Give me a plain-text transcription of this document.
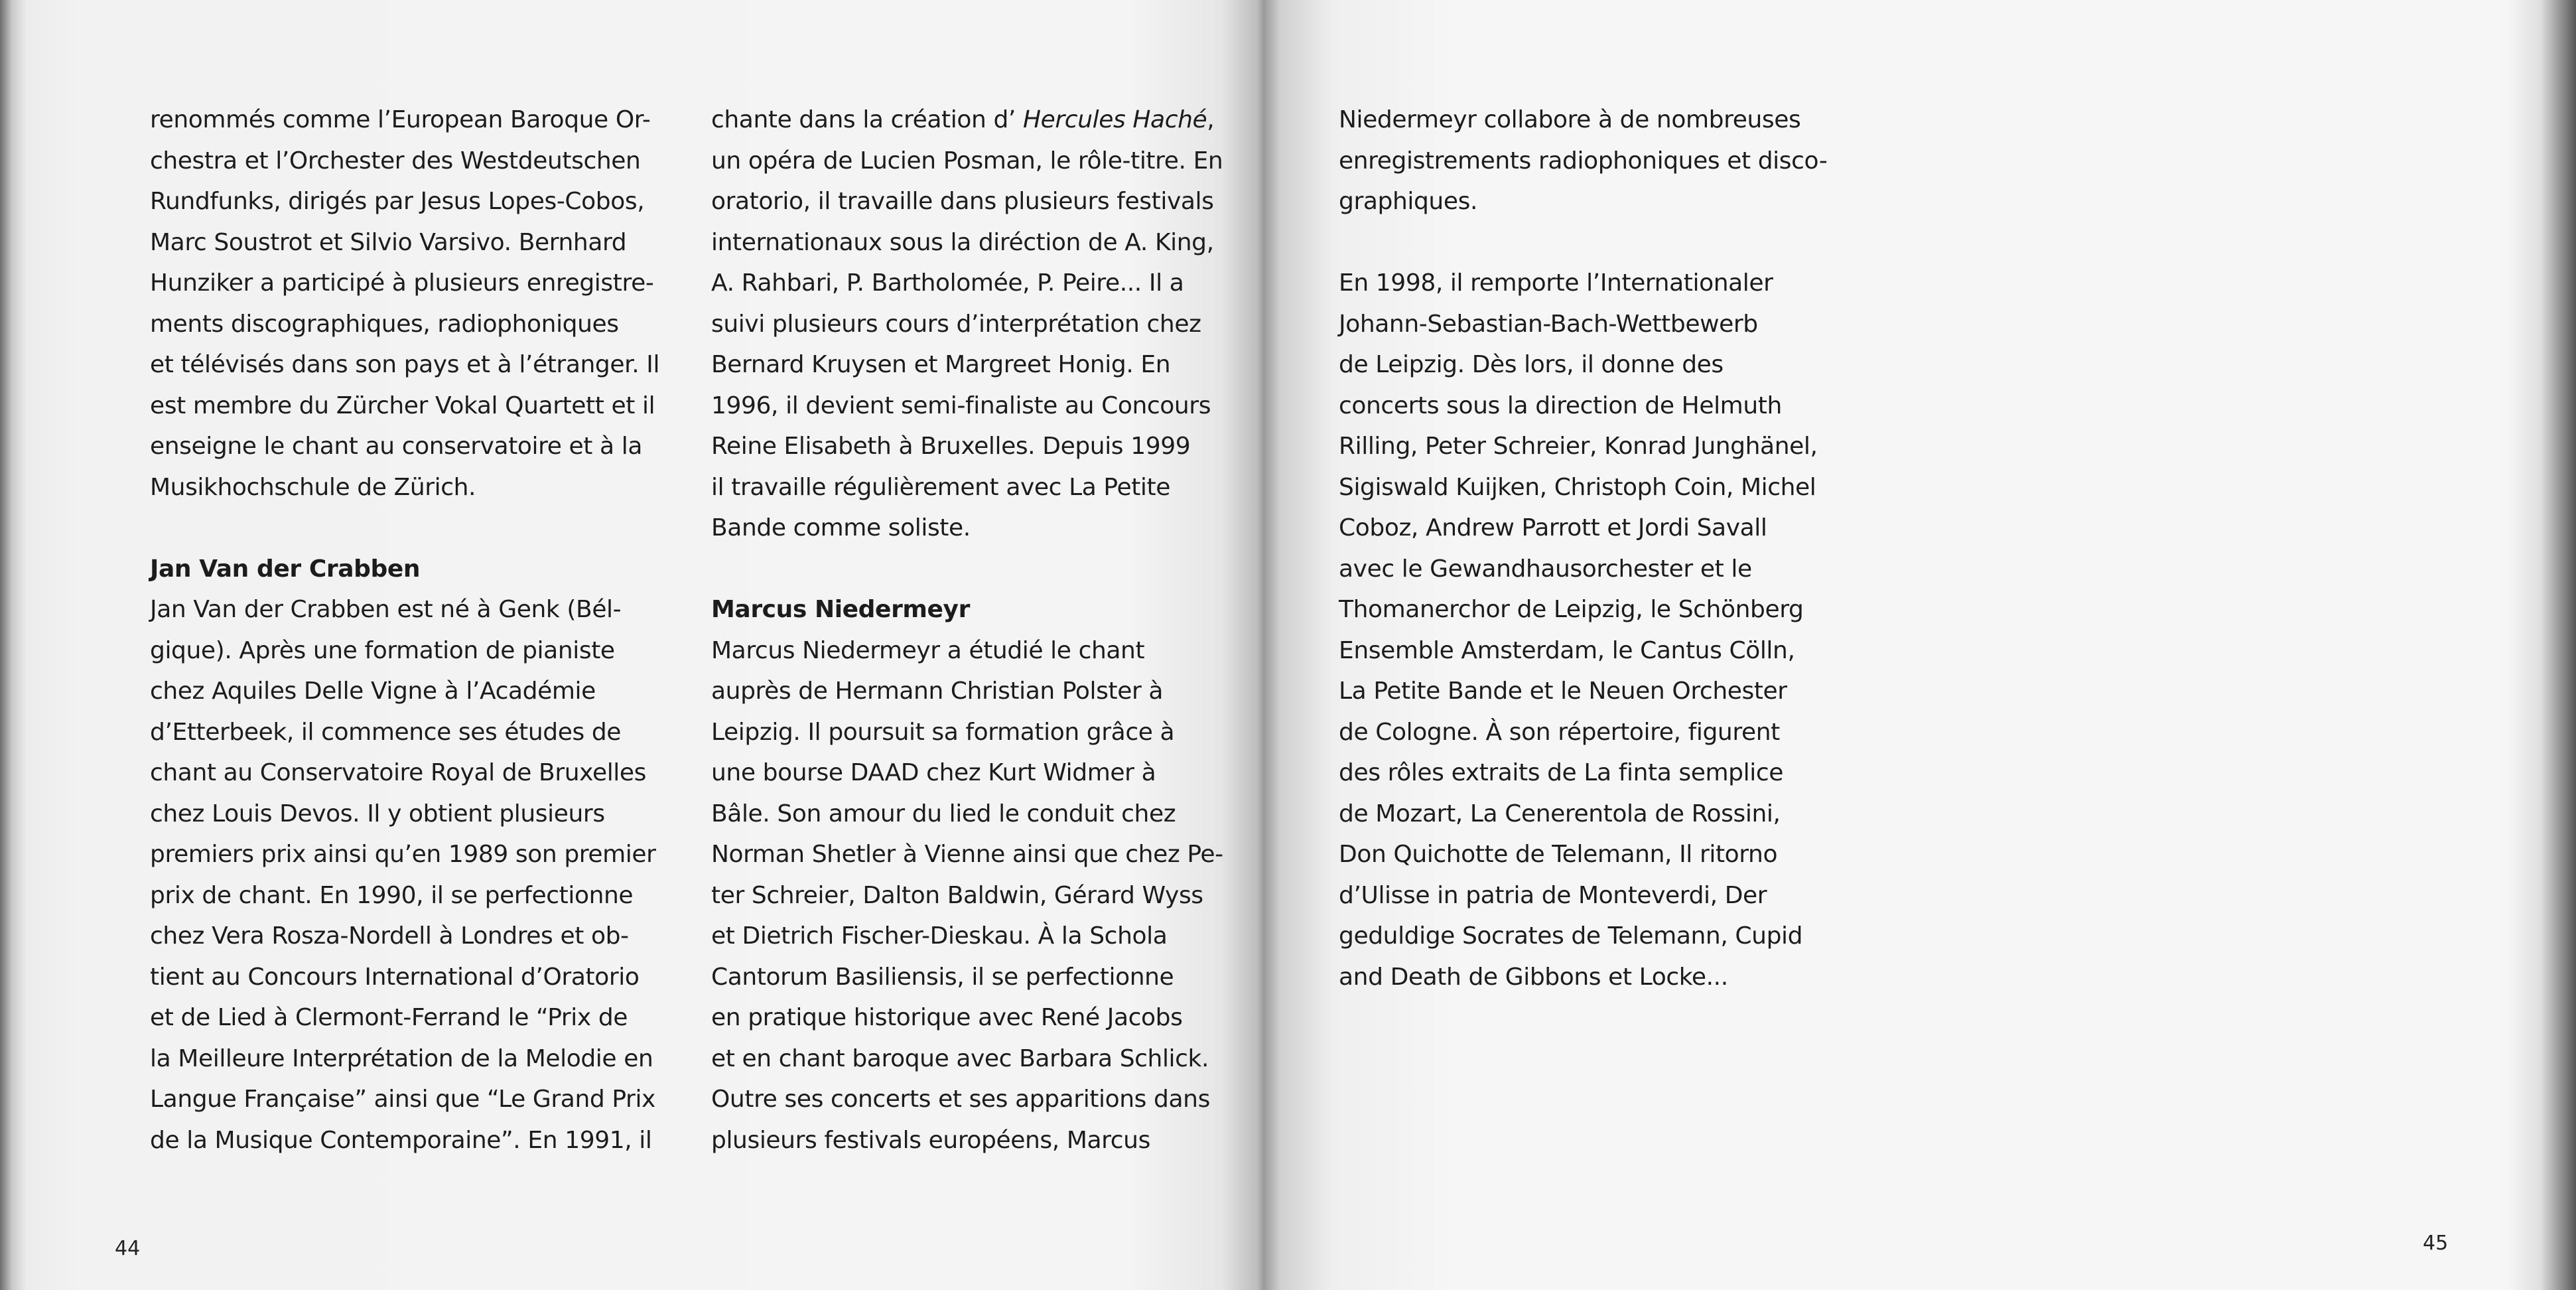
renommés comme l’European Baroque Or-
chestra et l’Orchester des Westdeutschen
Rundfunks, dirigés par Jesus Lopes-Cobos,
Marc Soustrot et Silvio Varsivo. Bernhard
Hunziker a participé à plusieurs enregistre-
ments discographiques, radiophoniques
et télévisés dans son pays et à l’étranger. Il
est membre du Zürcher Vokal Quartett et il
enseigne le chant au conservatoire et à la
Musikhochschule de Zürich.
Jan Van der Crabben
Jan Van der Crabben est né à Genk (Bél-
gique). Après une formation de pianiste
chez Aquiles Delle Vigne à l’Académie
d’Etterbeek, il commence ses études de
chant au Conservatoire Royal de Bruxelles
chez Louis Devos. Il y obtient plusieurs
premiers prix ainsi qu’en 1989 son premier
prix de chant. En 1990, il se perfectionne
chez Vera Rosza-Nordell à Londres et ob-
tient au Concours International d’Oratorio
et de Lied à Clermont-Ferrand le “Prix de
la Meilleure Interprétation de la Melodie en
Langue Française” ainsi que “Le Grand Prix
de la Musique Contemporaine”. En 1991, il
chante dans la création d’ Hercules Haché,
un opéra de Lucien Posman, le rôle-titre. En
oratorio, il travaille dans plusieurs festivals
internationaux sous la diréction de A. King,
A. Rahbari, P. Bartholomée, P. Peire... Il a
suivi plusieurs cours d’interprétation chez
Bernard Kruysen et Margreet Honig. En
1996, il devient semi-finaliste au Concours
Reine Elisabeth à Bruxelles. Depuis 1999
il travaille régulièrement avec La Petite
Bande comme soliste.
Marcus Niedermeyr
Marcus Niedermeyr a étudié le chant
auprès de Hermann Christian Polster à
Leipzig. Il poursuit sa formation grâce à
une bourse DAAD chez Kurt Widmer à
Bâle. Son amour du lied le conduit chez
Norman Shetler à Vienne ainsi que chez Pe-
ter Schreier, Dalton Baldwin, Gérard Wyss
et Dietrich Fischer-Dieskau. À la Schola
Cantorum Basiliensis, il se perfectionne
en pratique historique avec René Jacobs
et en chant baroque avec Barbara Schlick.
Outre ses concerts et ses apparitions dans
plusieurs festivals européens, Marcus
Niedermeyr collabore à de nombreuses
enregistrements radiophoniques et disco-
graphiques.
En 1998, il remporte l’Internationaler
Johann-Sebastian-Bach-Wettbewerb
de Leipzig. Dès lors, il donne des
concerts sous la direction de Helmuth
Rilling, Peter Schreier, Konrad Junghänel,
Sigiswald Kuijken, Christoph Coin, Michel
Coboz, Andrew Parrott et Jordi Savall
avec le Gewandhausorchester et le
Thomanerchor de Leipzig, le Schönberg
Ensemble Amsterdam, le Cantus Cölln,
La Petite Bande et le Neuen Orchester
de Cologne. À son répertoire, figurent
des rôles extraits de La finta semplice
de Mozart, La Cenerentola de Rossini,
Don Quichotte de Telemann, Il ritorno
d’Ulisse in patria de Monteverdi, Der
geduldige Socrates de Telemann, Cupid
and Death de Gibbons et Locke...
44	45
